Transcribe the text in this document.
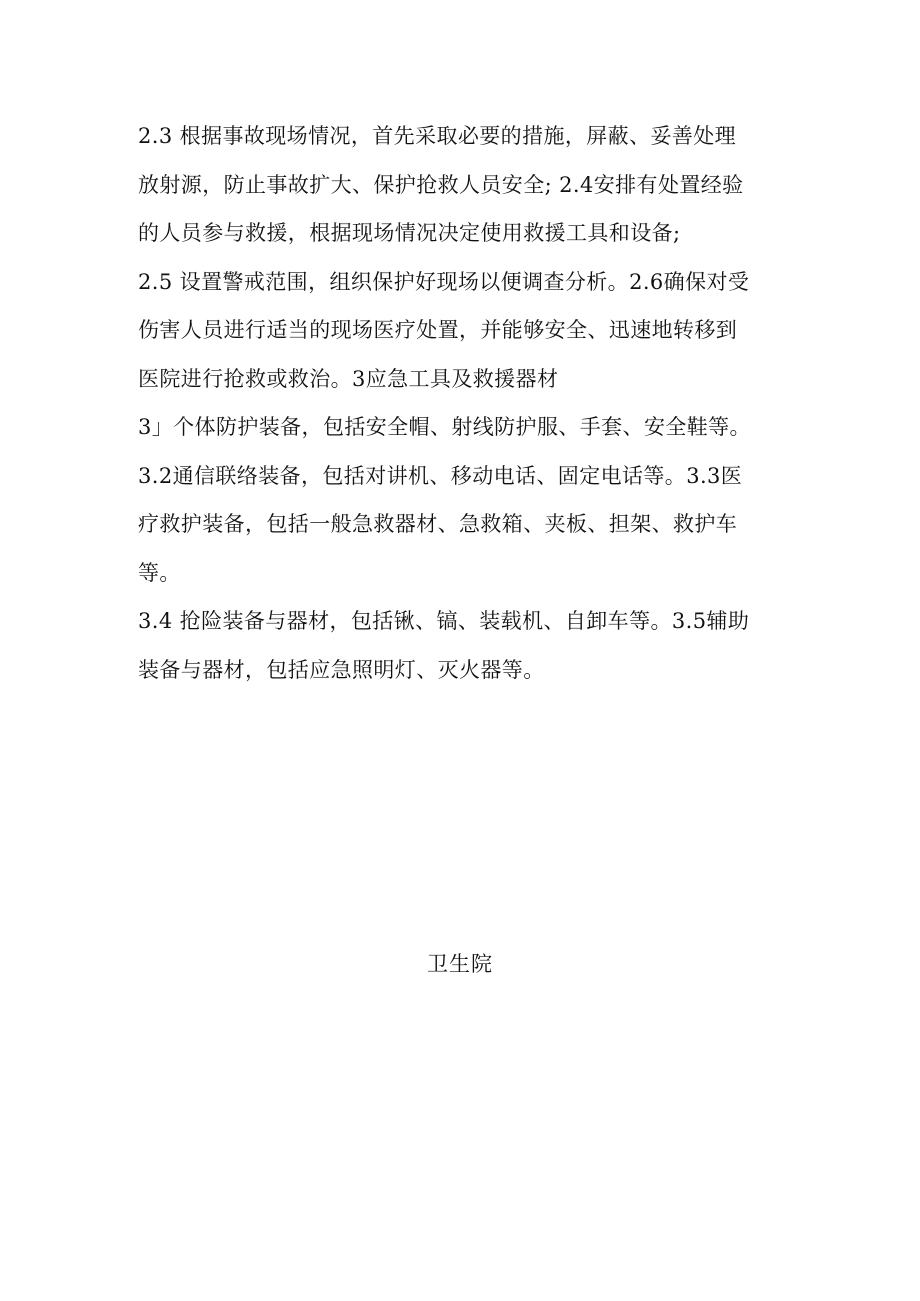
2.3 根据事故现场情况，首先采取必要的措施，屏蔽、妥善处理
放射源，防止事故扩大、保护抢救人员安全; 2.4安排有处置经验
的人员参与救援，根据现场情况决定使用救援工具和设备;
2.5 设置警戒范围，组织保护好现场以便调查分析。2.6确保对受
伤害人员进行适当的现场医疗处置，并能够安全、迅速地转移到
医院进行抢救或救治。3应急工具及救援器材
3」个体防护装备，包括安全帽、射线防护服、手套、安全鞋等。
3.2通信联络装备，包括对讲机、移动电话、固定电话等。3.3医
疗救护装备，包括一般急救器材、急救箱、夹板、担架、救护车
等。
3.4 抢险装备与器材，包括锹、镐、装载机、自卸车等。3.5辅助
装备与器材，包括应急照明灯、灭火器等。
卫生院
